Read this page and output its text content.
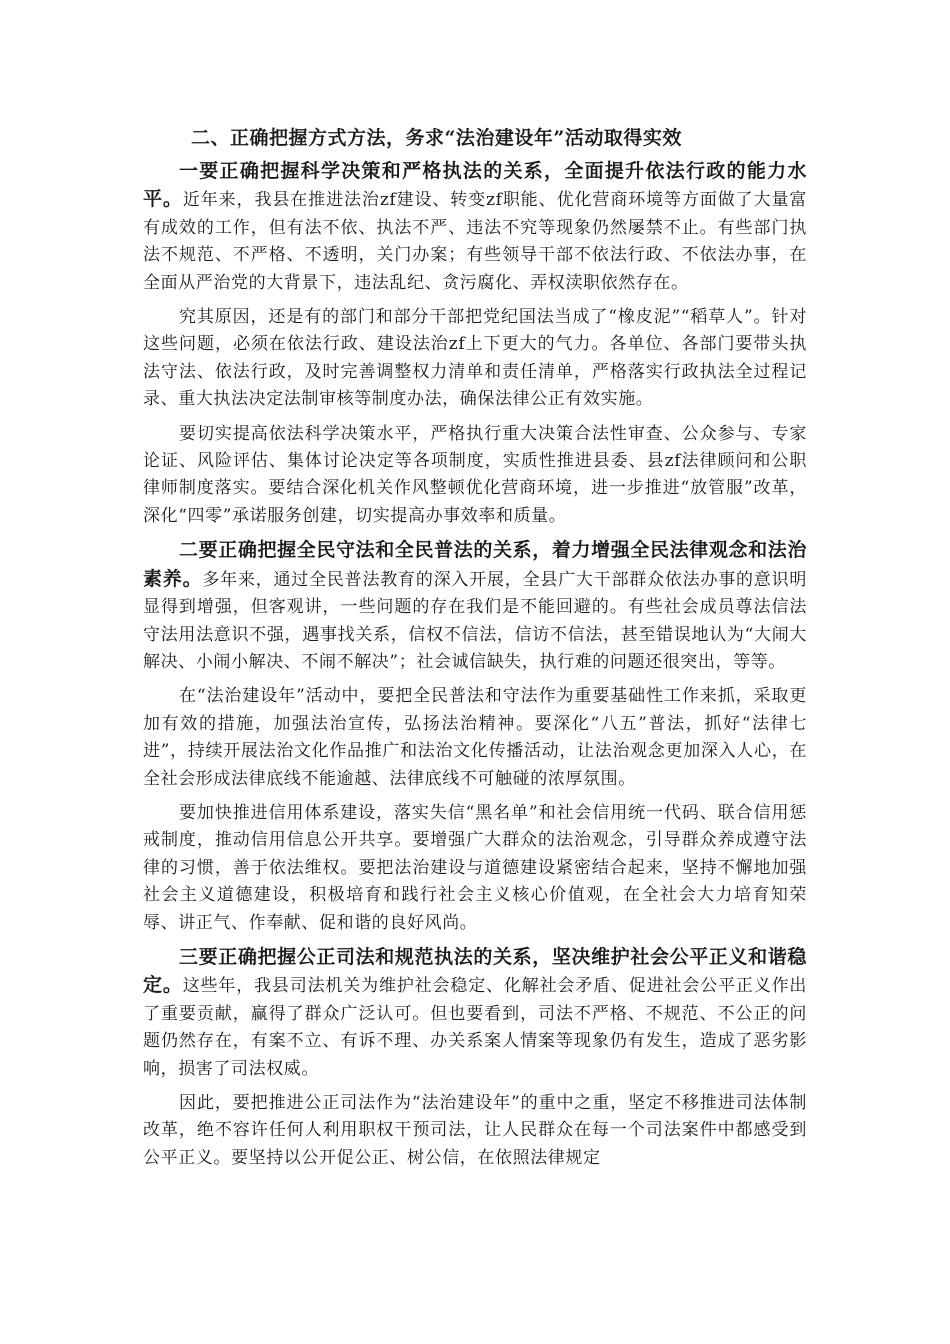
二、正确把握方式方法，务求“法治建设年”活动取得实效

一要正确把握科学决策和严格执法的关系，全面提升依法行政的能力水平。近年来，我县在推进法治zf建设、转变zf职能、优化营商环境等方面做了大量富有成效的工作，但有法不依、执法不严、违法不究等现象仍然屡禁不止。有些部门执法不规范、不严格、不透明，关门办案；有些领导干部不依法行政、不依法办事，在全面从严治党的大背景下，违法乱纪、贪污腐化、弄权渎职依然存在。

究其原因，还是有的部门和部分干部把党纪国法当成了“橡皮泥”“稻草人”。针对这些问题，必须在依法行政、建设法治zf上下更大的气力。各单位、各部门要带头执法守法、依法行政，及时完善调整权力清单和责任清单，严格落实行政执法全过程记录、重大执法决定法制审核等制度办法，确保法律公正有效实施。

要切实提高依法科学决策水平，严格执行重大决策合法性审查、公众参与、专家论证、风险评估、集体讨论决定等各项制度，实质性推进县委、县zf法律顾问和公职律师制度落实。要结合深化机关作风整顿优化营商环境，进一步推进“放管服”改革，深化“四零”承诺服务创建，切实提高办事效率和质量。

二要正确把握全民守法和全民普法的关系，着力增强全民法律观念和法治素养。多年来，通过全民普法教育的深入开展，全县广大干部群众依法办事的意识明显得到增强，但客观讲，一些问题的存在我们是不能回避的。有些社会成员尊法信法守法用法意识不强，遇事找关系，信权不信法，信访不信法，甚至错误地认为“大闹大解决、小闹小解决、不闹不解决”；社会诚信缺失，执行难的问题还很突出，等等。

在“法治建设年”活动中，要把全民普法和守法作为重要基础性工作来抓，采取更加有效的措施，加强法治宣传，弘扬法治精神。要深化“八五”普法，抓好“法律七进”，持续开展法治文化作品推广和法治文化传播活动，让法治观念更加深入人心，在全社会形成法律底线不能逾越、法律底线不可触碰的浓厚氛围。

要加快推进信用体系建设，落实失信“黑名单”和社会信用统一代码、联合信用惩戒制度，推动信用信息公开共享。要增强广大群众的法治观念，引导群众养成遵守法律的习惯，善于依法维权。要把法治建设与道德建设紧密结合起来，坚持不懈地加强社会主义道德建设，积极培育和践行社会主义核心价值观，在全社会大力培育知荣辱、讲正气、作奉献、促和谐的良好风尚。

三要正确把握公正司法和规范执法的关系，坚决维护社会公平正义和谐稳定。这些年，我县司法机关为维护社会稳定、化解社会矛盾、促进社会公平正义作出了重要贡献，赢得了群众广泛认可。但也要看到，司法不严格、不规范、不公正的问题仍然存在，有案不立、有诉不理、办关系案人情案等现象仍有发生，造成了恶劣影响，损害了司法权威。

因此，要把推进公正司法作为“法治建设年”的重中之重，坚定不移推进司法体制改革，绝不容许任何人利用职权干预司法，让人民群众在每一个司法案件中都感受到公平正义。要坚持以公开促公正、树公信，在依照法律规定
